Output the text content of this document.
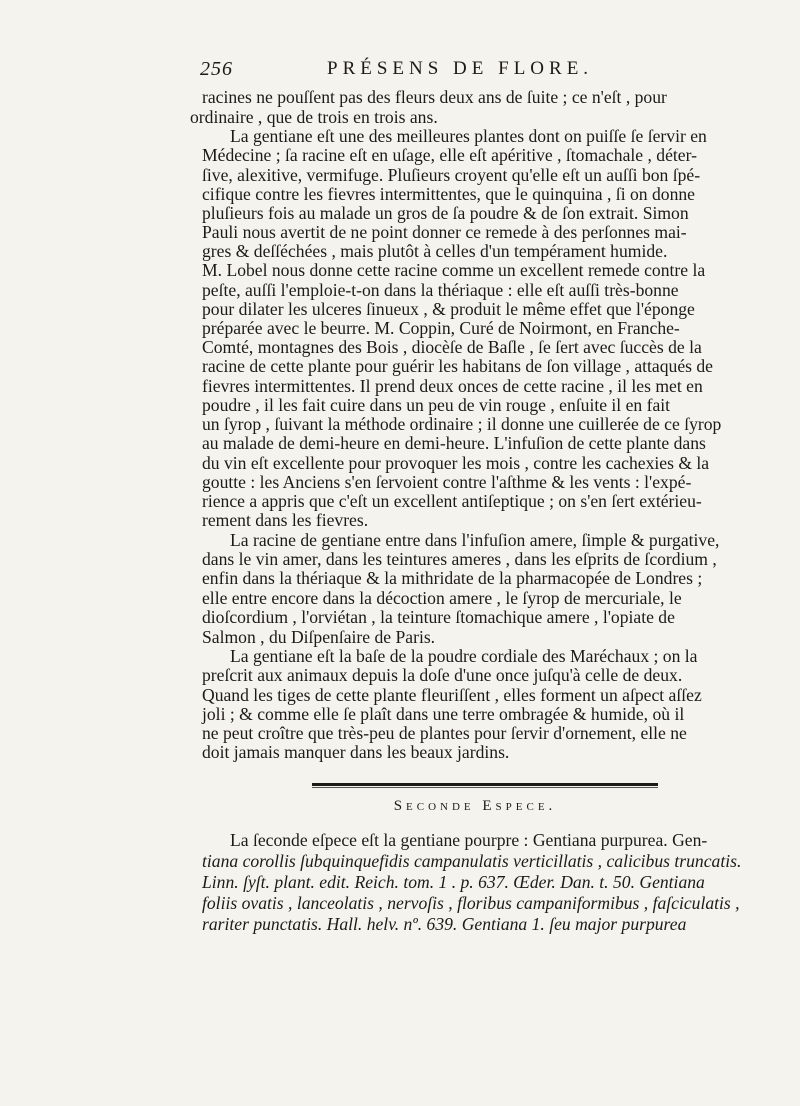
256	PRÉSENS DE FLORE.
racines ne pouſſent pas des fleurs deux ans de ſuite ; ce n'eſt , pour
ordinaire , que de trois en trois ans.
La gentiane eſt une des meilleures plantes dont on puiſſe ſe ſervir en
Médecine ; ſa racine eſt en uſage, elle eſt apéritive , ſtomachale , déter-
ſive, alexitive, vermifuge. Pluſieurs croyent qu'elle eſt un auſſi bon ſpé-
cifique contre les fievres intermittentes, que le quinquina , ſi on donne
pluſieurs fois au malade un gros de ſa poudre & de ſon extrait. Simon
Pauli nous avertit de ne point donner ce remede à des perſonnes mai-
gres & deſſéchées , mais plutôt à celles d'un tempérament humide.
M. Lobel nous donne cette racine comme un excellent remede contre la
peſte, auſſi l'emploie-t-on dans la thériaque : elle eſt auſſi très-bonne
pour dilater les ulceres ſinueux , & produit le même effet que l'éponge
préparée avec le beurre. M. Coppin, Curé de Noirmont, en Franche-
Comté, montagnes des Bois , diocèſe de Baſle , ſe ſert avec ſuccès de la
racine de cette plante pour guérir les habitans de ſon village , attaqués de
fievres intermittentes. Il prend deux onces de cette racine , il les met en
poudre , il les fait cuire dans un peu de vin rouge , enſuite il en fait
un ſyrop , ſuivant la méthode ordinaire ; il donne une cuillerée de ce ſyrop
au malade de demi-heure en demi-heure. L'infuſion de cette plante dans
du vin eſt excellente pour provoquer les mois , contre les cachexies & la
goutte : les Anciens s'en ſervoient contre l'aſthme & les vents : l'expé-
rience a appris que c'eſt un excellent antiſeptique ; on s'en ſert extérieu-
rement dans les fievres.
La racine de gentiane entre dans l'infuſion amere, ſimple & purgative,
dans le vin amer, dans les teintures ameres , dans les eſprits de ſcordium ,
enfin dans la thériaque & la mithridate de la pharmacopée de Londres ;
elle entre encore dans la décoction amere , le ſyrop de mercuriale, le
dioſcordium , l'orviétan , la teinture ſtomachique amere , l'opiate de
Salmon , du Diſpenſaire de Paris.
La gentiane eſt la baſe de la poudre cordiale des Maréchaux ; on la
preſcrit aux animaux depuis la doſe d'une once juſqu'à celle de deux.
Quand les tiges de cette plante fleuriſſent , elles forment un aſpect aſſez
joli ; & comme elle ſe plaît dans une terre ombragée & humide, où il
ne peut croître que très-peu de plantes pour ſervir d'ornement, elle ne
doit jamais manquer dans les beaux jardins.
Seconde Espece.
La ſeconde eſpece eſt la gentiane pourpre : Gentiana purpurea. Gen-
tiana corollis ſubquinquefidis campanulatis verticillatis , calicibus truncatis.
Linn. ſyſt. plant. edit. Reich. tom. 1 . p. 637. Œder. Dan. t. 50. Gentiana
foliis ovatis , lanceolatis , nervoſis , floribus campaniformibus , faſciculatis ,
rariter punctatis. Hall. helv. nº. 639. Gentiana 1. ſeu major purpurea
